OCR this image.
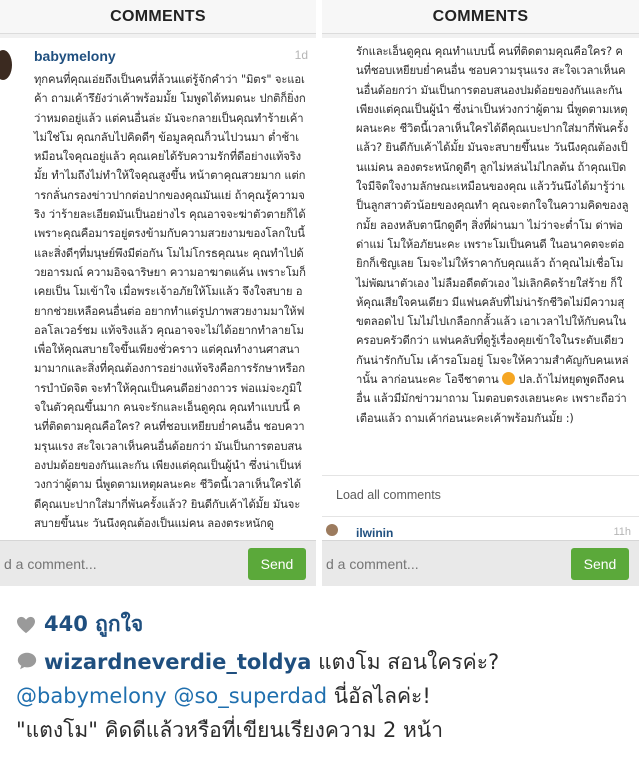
COMMENTS
babymelony	1d
ทุกคนที่คุณเอ่ยถึงเป็นคนที่ล้วนแต่รู้จักคำว่า "มิตร" จะแอเค้า ถามเค้ารึยังว่าเค้าพร้อมมั้ย โมพูดได้หมดนะ ปกติก็ยิ่งกว่าหมดอยู่แล้ว แต่คนอื่นล่ะ มันจะกลายเป็นคุณทำร้ายเค้า ไม่ใช่โม คุณกลับไปคิดดีๆ ข้อมูลคุณก็วนไปวนมา ต่ำช้าเหมือนใจคุณอยู่แล้ว คุณเคยได้รับความรักที่ดีอย่างแท้จริงมั้ย ทำไมถึงไม่ทำให้ใจคุณสูงขึ้น หน้าตาคุณสวยมาก แต่การกลั่นกรองข่าวปากต่อปากของคุณมันแย่ ถ้าคุณรู้ความจริง ว่าร้ายละเอียดมันเป็นอย่างไร คุณอาจจะฆ่าตัวตายก็ได้เพราะคุณคือมารอยู่ตรงข้ามกับความสวยงามของโลกใบนี้ และสิ่งดีๆที่มนุษย์พึงมีต่อกัน โมไม่โกรธคุณนะ คุณทำไปด้วยอารมณ์ ความอิจฉาริษยา ความอาฆาตแค้น เพราะโมก็เคยเป็น โมเข้าใจ เมื่อพระเจ้าอภัยให้โมแล้ว จึงใจสบาย อยากช่วยเหลือคนอื่นต่อ อยากทำแต่รูปภาพสวยงามมาให้ฟอลโลเวอร์ชม แท้จริงแล้ว คุณอาจจะไม่ได้อยากทำลายโมเพื่อให้คุณสบายใจขึ้นเพียงชั่วคราว แต่คุณทำงานศาสนามามากและสิ่งที่คุณต้องการอย่างแท้จริงคือการรักษาหรือการบำบัดจิต จะทำให้คุณเป็นคนดีอย่างถาวร พ่อแม่จะภูมิใจในตัวคุณขึ้นมาก คนจะรักและเอ็นดูคุณ คุณทำแบบนี้ คนที่ติดตามคุณคือใคร? คนที่ชอบเหยียบย่ำคนอื่น ชอบความรุนแรง สะใจเวลาเห็นคนอื่นด้อยกว่า มันเป็นการตอบสนองปมด้อยของกันและกัน เพียงแต่คุณเป็นผู้นำ ซึ่งน่าเป็นห่วงกว่าผู้ตาม นี่พูดตามเหตุผลนะคะ ชีวิตนี้เวลาเห็นใครได้ดีคุณเบะปากใส่มากี่พันครั้งแล้ว? ยินดีกับเค้าได้มั้ย มันจะสบายขึ้นนะ วันนึงคุณต้องเป็นแม่คน ลองตระหนักดู
d a comment...
Send
COMMENTS
รักและเอ็นดูคุณ คุณทำแบบนี้ คนที่ติดตามคุณคือใคร? คนที่ชอบเหยียบย่ำคนอื่น ชอบความรุนแรง สะใจเวลาเห็นคนอื่นด้อยกว่า มันเป็นการตอบสนองปมด้อยของกันและกัน เพียงแต่คุณเป็นผู้นำ ซึ่งน่าเป็นห่วงกว่าผู้ตาม นี่พูดตามเหตุผลนะคะ ชีวิตนี้เวลาเห็นใครได้ดีคุณเบะปากใส่มากี่พันครั้งแล้ว? ยินดีกับเค้าได้มั้ย มันจะสบายขึ้นนะ วันนึงคุณต้องเป็นแม่คน ลองตระหนักดูดีๆ ลูกไม่หล่นไม่ไกลต้น ถ้าคุณเปิดใจมีจิตใจงามลักษณะเหมือนของคุณ แล้ววันนึงได้มารู้ว่าเป็นลูกสาวตัวน้อยของคุณทำ คุณจะตกใจในความคิดของลูกมั้ย ลองหลับตานึกดูดีๆ สิ่งที่ผ่านมา ไม่ว่าจะต่ำโม ด่าพ่อด่าแม่ โมให้อภัยนะคะ เพราะโมเป็นคนดี ในอนาคตจะต่อยิกก็เชิญเลย โมจะไม่ให้ราคากับคุณแล้ว ถ้าคุณไม่เชื่อโม ไม่พัฒนาตัวเอง ไม่ลืมอดีตตัวเอง ไม่เลิกคิดร้ายใส่ร้าย ก็ให้คุณเสียใจคนเดียว มีแฟนคลับที่ไม่น่ารักชีวิตไม่มีความสุขตลอดไป โมไม่ไปเกลือกกลั้วแล้ว เอาเวลาไปให้กับคนในครอบครัวดีกว่า แฟนคลับที่ดูรู้เรื่องคุยเข้าใจในระดับเดียวกันน่ารักกับโม เค้ารอโมอยู่ โมจะให้ความสำคัญกับคนเหล่านั้น ลาก่อนนะคะ โอจีชาตาน  ปล.ถ้าไม่หยุดพูดถึงคนอื่น แล้วมีมักข่าวมาถาม โมตอบตรงเลยนะคะ เพราะถือว่าเตือนแล้ว ถามเค้าก่อนนะคะเค้าพร้อมกันมั้ย :)
Load all comments
ilwinin	11h
d a comment...
Send
440 ถูกใจ
wizardneverdie_toldya แตงโม สอนใครค่ะ?
@babymelony @so_superdad นี่อัลไลค่ะ!
"แตงโม" คิดดีแล้วหรือที่เขียนเรียงความ 2 หน้า
